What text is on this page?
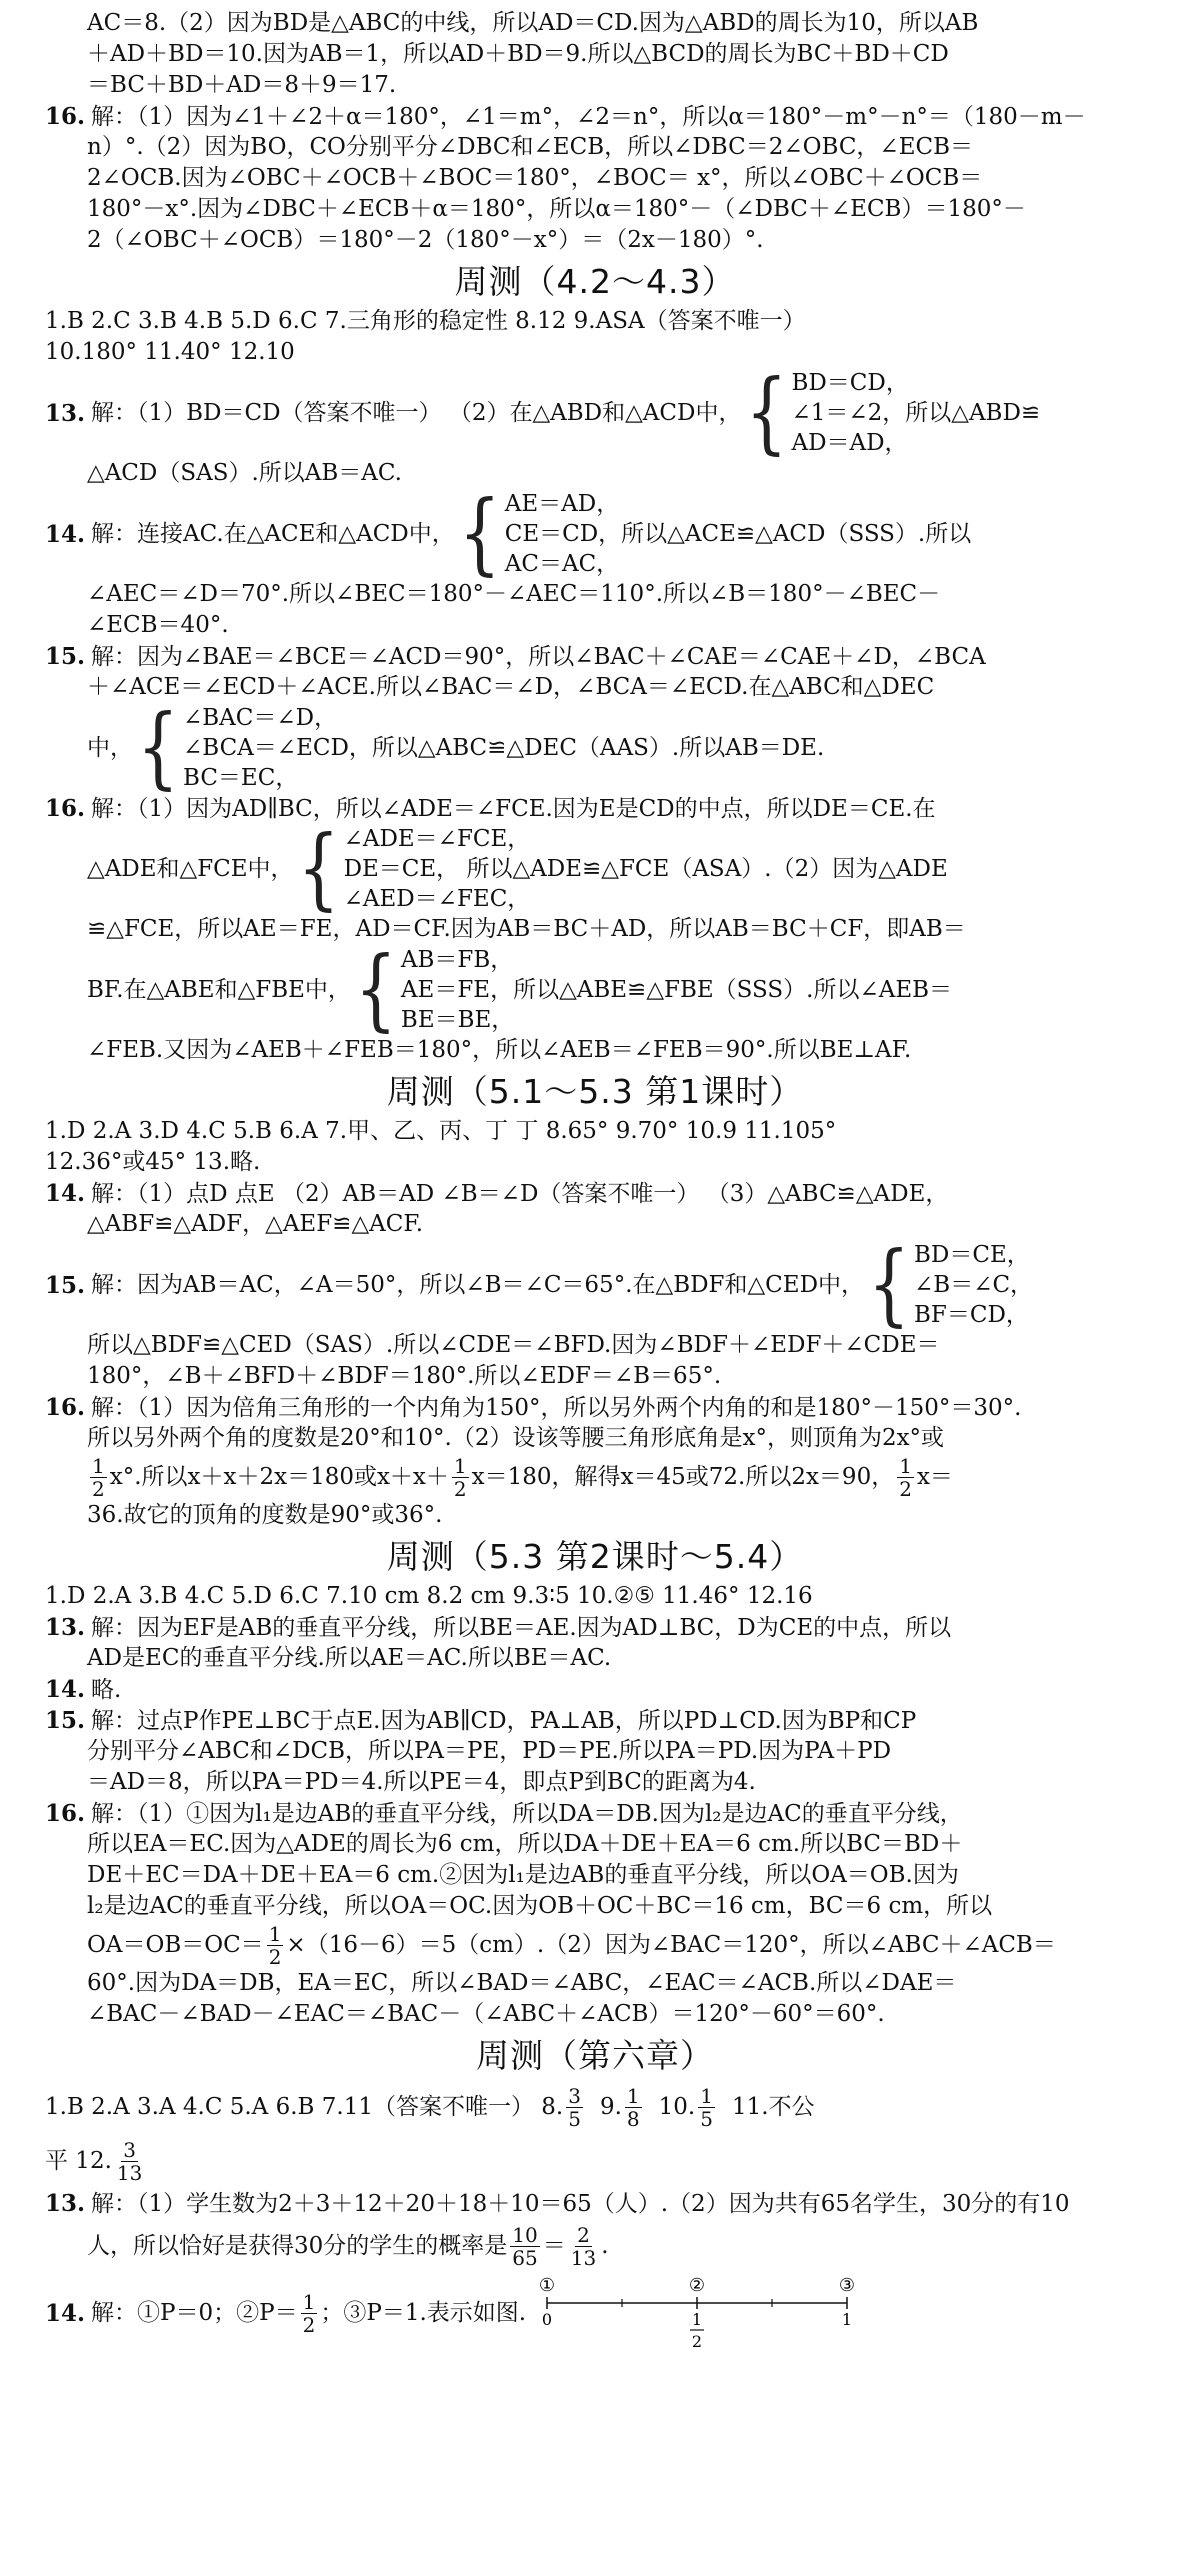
AC＝8.（2）因为BD是△ABC的中线，所以AD＝CD.因为△ABD的周长为10，所以AB
＋AD＋BD＝10.因为AB＝1，所以AD＋BD＝9.所以△BCD的周长为BC＋BD＋CD
＝BC＋BD＋AD＝8＋9＝17.
16. 解：（1）因为∠1＋∠2＋α＝180°，∠1＝m°，∠2＝n°，所以α＝180°－m°－n°＝（180－m－
n）°.（2）因为BO，CO分别平分∠DBC和∠ECB，所以∠DBC＝2∠OBC，∠ECB＝
2∠OCB.因为∠OBC＋∠OCB＋∠BOC＝180°，∠BOC＝ x°，所以∠OBC＋∠OCB＝
180°－x°.因为∠DBC＋∠ECB＋α＝180°，所以α＝180°－（∠DBC＋∠ECB）＝180°－
2（∠OBC＋∠OCB）＝180°－2（180°－x°）＝（2x－180）°.
周测（4.2～4.3）
1.B 2.C 3.B 4.B 5.D 6.C 7.三角形的稳定性 8.12 9.ASA（答案不唯一）
10.180° 11.40° 12.10
13. 解：（1）BD＝CD（答案不唯一） （2）在△ABD和△ACD中， { BD＝CD，
∠1＝∠2，所以△ABD≌
AD＝AD，
△ACD（SAS）.所以AB＝AC.
14. 解：连接AC.在△ACE和△ACD中， { AE＝AD，
CE＝CD，所以△ACE≌△ACD（SSS）.所以
AC＝AC，
∠AEC＝∠D＝70°.所以∠BEC＝180°－∠AEC＝110°.所以∠B＝180°－∠BEC－
∠ECB＝40°.
15. 解：因为∠BAE＝∠BCE＝∠ACD＝90°，所以∠BAC＋∠CAE＝∠CAE＋∠D，∠BCA
＋∠ACE＝∠ECD＋∠ACE.所以∠BAC＝∠D，∠BCA＝∠ECD.在△ABC和△DEC
中， { ∠BAC＝∠D，
∠BCA＝∠ECD，所以△ABC≌△DEC（AAS）.所以AB＝DE.
BC＝EC，
16. 解：（1）因为AD∥BC，所以∠ADE＝∠FCE.因为E是CD的中点，所以DE＝CE.在
△ADE和△FCE中， { ∠ADE＝∠FCE，
DE＝CE， 所以△ADE≌△FCE（ASA）.（2）因为△ADE
∠AED＝∠FEC，
≌△FCE，所以AE＝FE，AD＝CF.因为AB＝BC＋AD，所以AB＝BC＋CF，即AB＝
BF.在△ABE和△FBE中， { AB＝FB，
AE＝FE，所以△ABE≌△FBE（SSS）.所以∠AEB＝
BE＝BE，
∠FEB.又因为∠AEB＋∠FEB＝180°，所以∠AEB＝∠FEB＝90°.所以BE⊥AF.
周测（5.1～5.3 第1课时）
1.D 2.A 3.D 4.C 5.B 6.A 7.甲、乙、丙、丁 丁 8.65° 9.70° 10.9 11.105°
12.36°或45° 13.略.
14. 解：（1）点D 点E （2）AB＝AD ∠B＝∠D（答案不唯一） （3）△ABC≌△ADE，
△ABF≌△ADF，△AEF≌△ACF.
15. 解：因为AB＝AC，∠A＝50°，所以∠B＝∠C＝65°.在△BDF和△CED中， { BD＝CE，
∠B＝∠C，
BF＝CD，
所以△BDF≌△CED（SAS）.所以∠CDE＝∠BFD.因为∠BDF＋∠EDF＋∠CDE＝
180°，∠B＋∠BFD＋∠BDF＝180°.所以∠EDF＝∠B＝65°.
16. 解：（1）因为倍角三角形的一个内角为150°，所以另外两个内角的和是180°－150°＝30°.
所以另外两个角的度数是20°和10°.（2）设该等腰三角形底角是x°，则顶角为2x°或
$\frac{1}{2} x^\circ$.所以x＋x＋2x＝180或$x+x+ \frac{1}{2} x=180$，解得x＝45或72.所以2x＝90， $\frac{1}{2} x=$
36.故它的顶角的度数是90°或36°.
周测（5.3 第2课时～5.4）
1.D 2.A 3.B 4.C 5.D 6.C 7.10 cm 8.2 cm 9.3∶5 10.②⑤ 11.46° 12.16
13. 解：因为EF是AB的垂直平分线，所以BE＝AE.因为AD⊥BC，D为CE的中点，所以
AD是EC的垂直平分线.所以AE＝AC.所以BE＝AC.
14. 略.
15. 解：过点P作PE⊥BC于点E.因为AB∥CD，PA⊥AB，所以PD⊥CD.因为BP和CP
分别平分∠ABC和∠DCB，所以PA＝PE，PD＝PE.所以PA＝PD.因为PA＋PD
＝AD＝8，所以PA＝PD＝4.所以PE＝4，即点P到BC的距离为4.
16. 解：（1）①因为l₁是边AB的垂直平分线，所以DA＝DB.因为l₂是边AC的垂直平分线，
所以EA＝EC.因为△ADE的周长为6 cm，所以DA＋DE＋EA＝6 cm.所以BC＝BD＋
DE＋EC＝DA＋DE＋EA＝6 cm.②因为l₁是边AB的垂直平分线，所以OA＝OB.因为
l₂是边AC的垂直平分线，所以OA＝OC.因为OB＋OC＋BC＝16 cm，BC＝6 cm，所以
$OA=OB=OC= \frac{1}{2} \times(16-6)=5(cm).(2)$因为∠BAC＝120°，所以∠ABC＋∠ACB＝
60°.因为DA＝DB，EA＝EC，所以∠BAD＝∠ABC，∠EAC＝∠ACB.所以∠DAE＝
∠BAC－∠BAD－∠EAC＝∠BAC－（∠ABC＋∠ACB）＝120°－60°＝60°.
周测（第六章）
1.B 2.A 3.A 4.C 5.A 6.B 7.11（答案不唯一） 8. $\frac{3}{5} 9$. $\frac{1}{8} 10$. $\frac{1}{5} 11$.不公
平 12. $\frac{3}{13}$
13. 解：（1）学生数为2＋3＋12＋20＋18＋10＝65（人）.（2）因为共有65名学生，30分的有10
人，所以恰好是获得30分的学生的概率是 $\frac{10}{65} = \frac{2}{13}$ .
14. 解：①P＝0；②P＝ $\frac{1}{2}$ ；③P＝1.表示如图.
①	②	③
0	1
1
2
